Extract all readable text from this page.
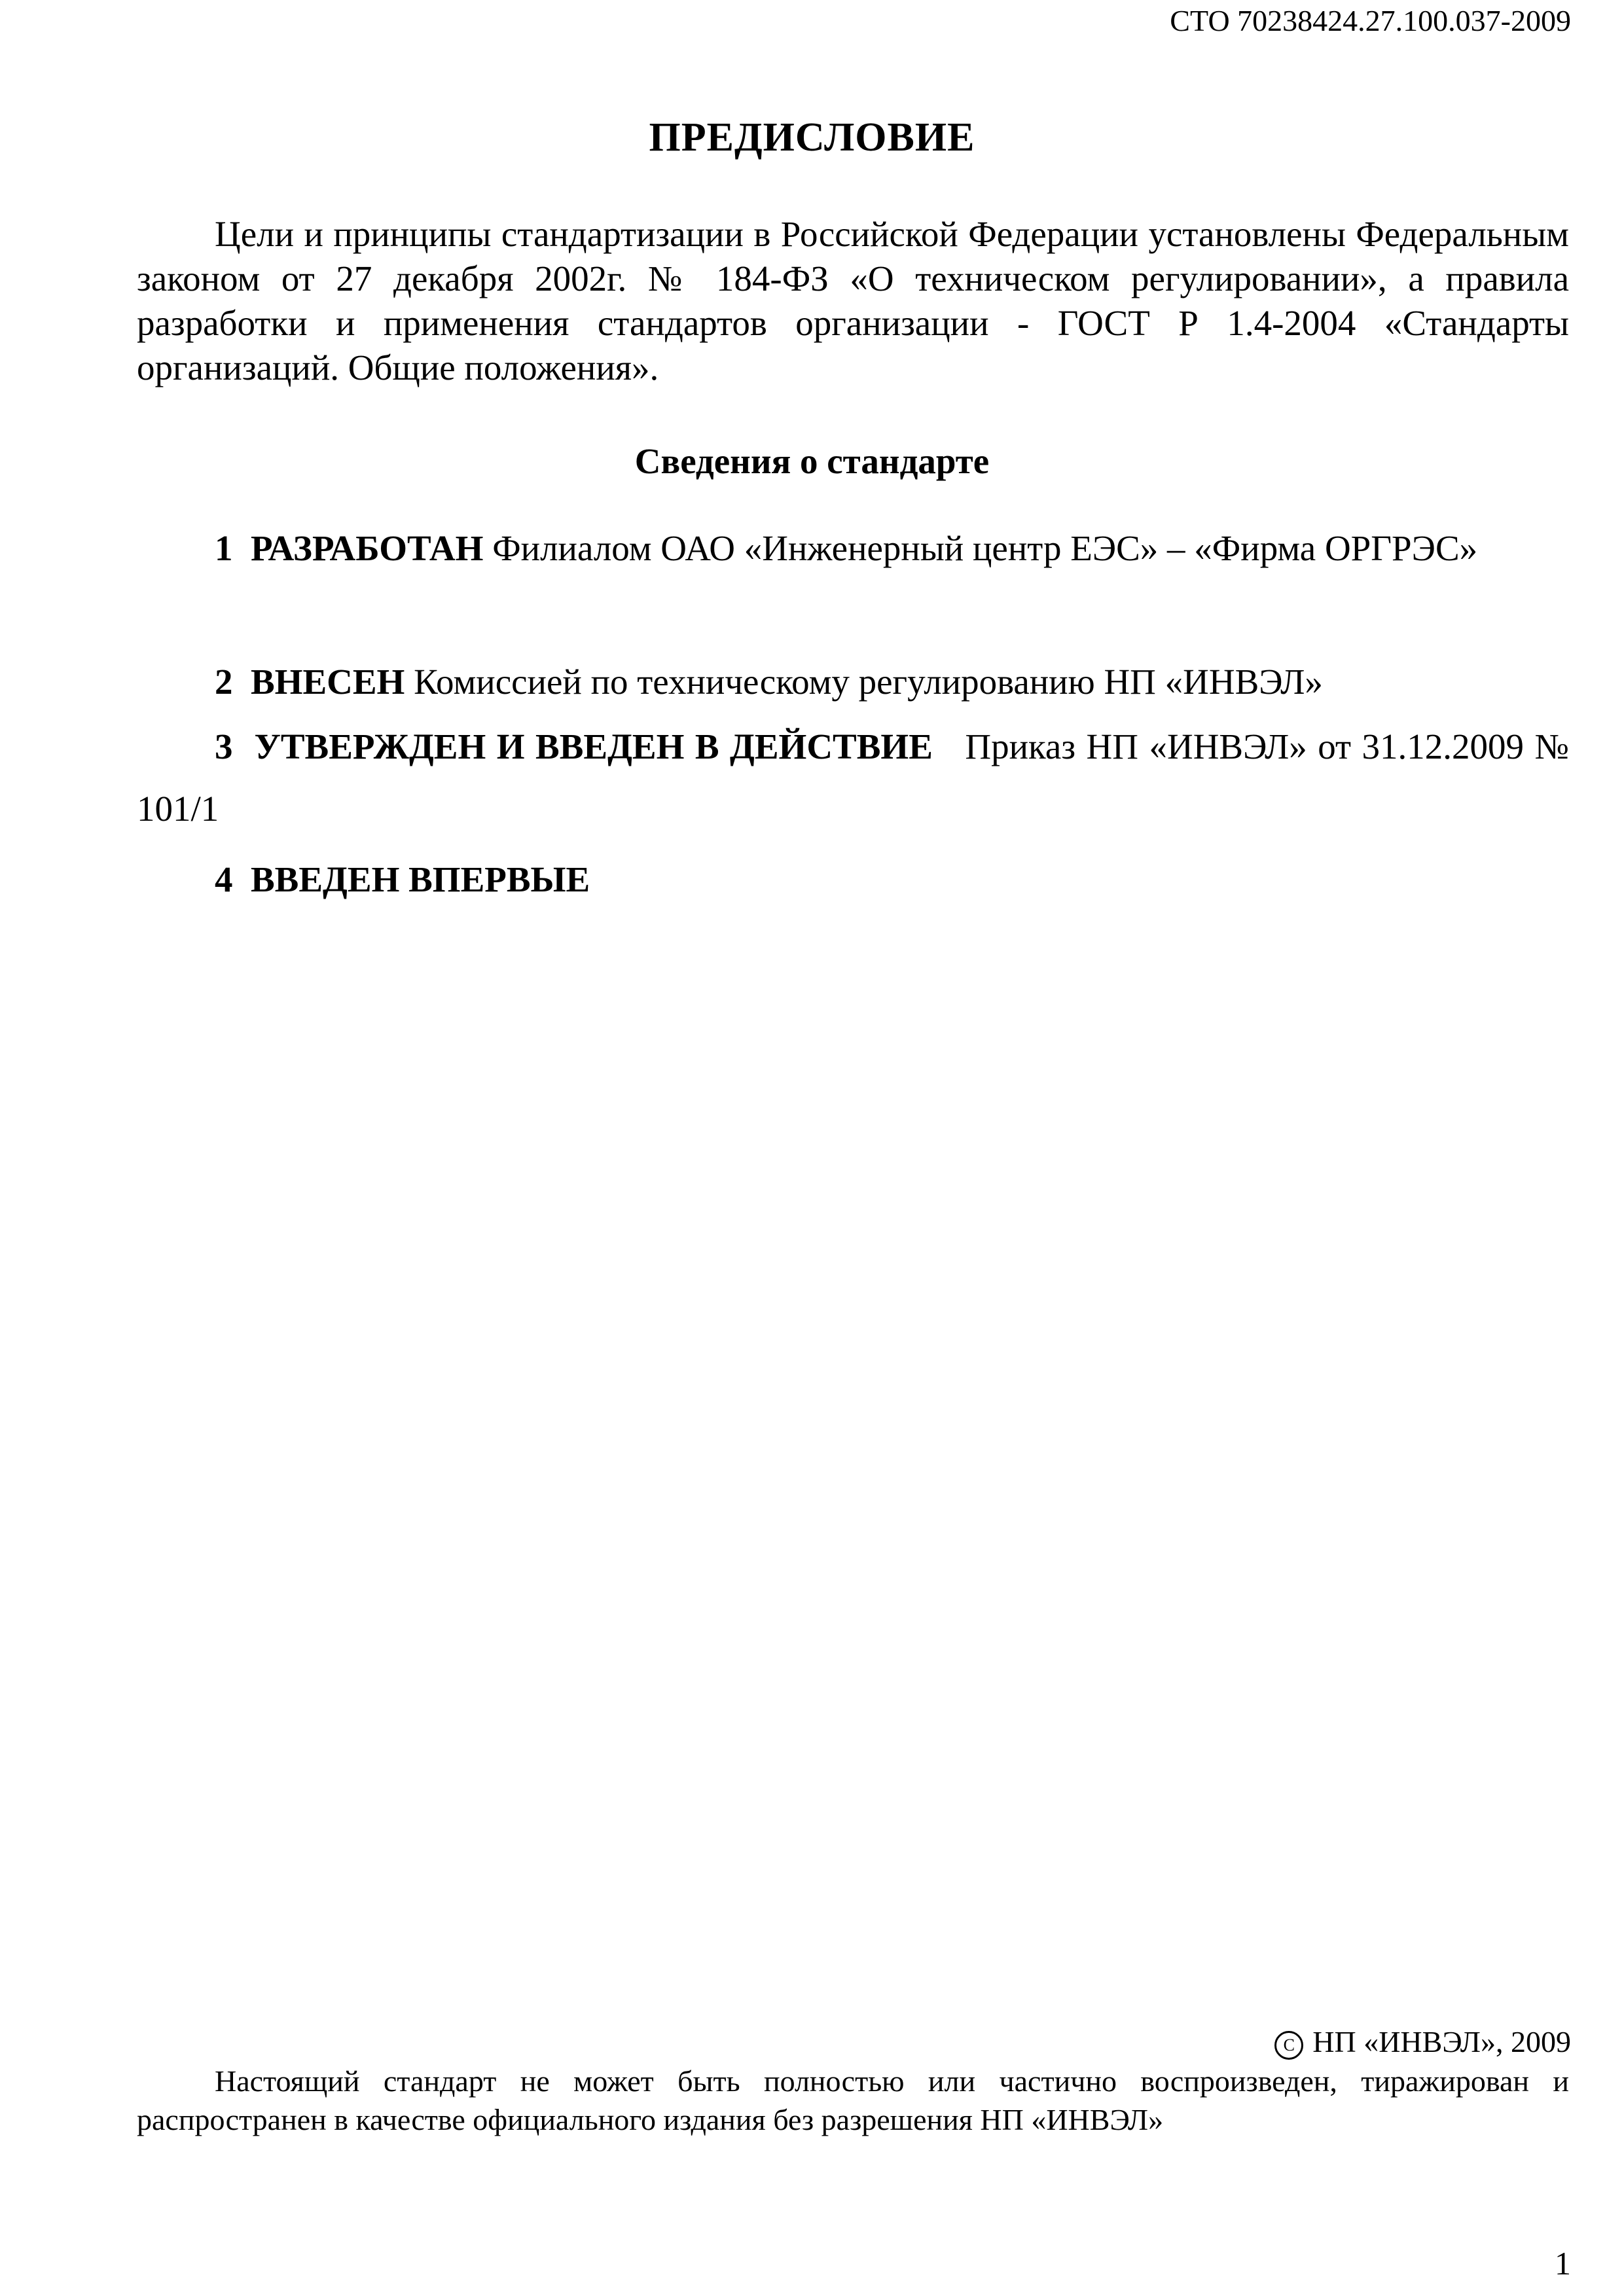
СТО 70238424.27.100.037-2009
ПРЕДИСЛОВИЕ

Цели и принципы стандартизации в Российской Федерации установлены Федеральным законом от 27 декабря 2002г. № 184-ФЗ «О техническом регулировании», а правила разработки и применения стандартов организации - ГОСТ Р 1.4-2004 «Стандарты организаций. Общие положения».

Сведения о стандарте

1 РАЗРАБОТАН Филиалом ОАО «Инженерный центр ЕЭС» – «Фирма ОРГРЭС»

2 ВНЕСЕН Комиссией по техническому регулированию НП «ИНВЭЛ»

3 УТВЕРЖДЕН И ВВЕДЕН В ДЕЙСТВИЕ Приказ НП «ИНВЭЛ» от 31.12.2009 № 101/1

4 ВВЕДЕН ВПЕРВЫЕ

C НП «ИНВЭЛ», 2009

Настоящий стандарт не может быть полностью или частично воспроизведен, тиражирован и распространен в качестве официального издания без разрешения НП «ИНВЭЛ»

1
